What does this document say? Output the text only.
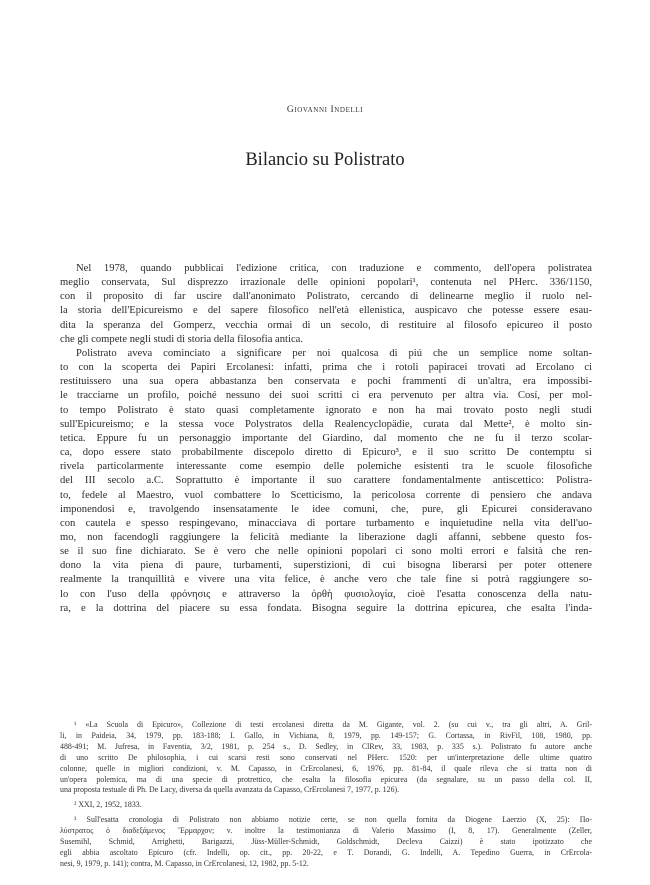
Giovanni Indelli
Bilancio su Polistrato

Nel 1978, quando pubblicai l'edizione critica, con traduzione e commento, dell'opera polistratea
meglio conservata, Sul disprezzo irrazionale delle opinioni popolari¹, contenuta nel PHerc. 336/1150,
con il proposito di far uscire dall'anonimato Polistrato, cercando di delinearne meglio il ruolo nel-
la storia dell'Epicureismo e del sapere filosofico nell'età ellenistica, auspicavo che potesse essere esau-
dita la speranza del Gomperz, vecchia ormai di un secolo, di restituire al filosofo epicureo il posto
che gli compete negli studi di storia della filosofia antica.

Polistrato aveva cominciato a significare per noi qualcosa di piú che un semplice nome soltan-
to con la scoperta dei Papiri Ercolanesi: infatti, prima che i rotoli papiracei trovati ad Ercolano ci
restituissero una sua opera abbastanza ben conservata e pochi frammenti di un'altra, era impossibi-
le tracciarne un profilo, poiché nessuno dei suoi scritti ci era pervenuto per altra via. Cosí, per mol-
to tempo Polistrato è stato quasi completamente ignorato e non ha mai trovato posto negli studi
sull'Epicureismo; e la stessa voce Polystratos della Realencyclopädie, curata dal Mette², è molto sin-
tetica. Eppure fu un personaggio importante del Giardino, dal momento che ne fu il terzo scolar-
ca, dopo essere stato probabilmente discepolo diretto di Epicuro³, e il suo scritto De contemptu si
rivela particolarmente interessante come esempio delle polemiche esistenti tra le scuole filosofiche
del III secolo a.C. Soprattutto è importante il suo carattere fondamentalmente antiscettico: Polistra-
to, fedele al Maestro, vuol combattere lo Scetticismo, la pericolosa corrente di pensiero che andava
imponendosi e, travolgendo insensatamente le idee comuni, che, pure, gli Epicurei consideravano
con cautela e spesso respingevano, minacciava di portare turbamento e inquietudine nella vita dell'uo-
mo, non facendogli raggiungere la felicità mediante la liberazione dagli affanni, sebbene questo fos-
se il suo fine dichiarato. Se è vero che nelle opinioni popolari ci sono molti errori e falsità che ren-
dono la vita piena di paure, turbamenti, superstizioni, di cui bisogna liberarsi per poter ottenere
realmente la tranquillità e vivere una vita felice, è anche vero che tale fine si potrà raggiungere so-
lo con l'uso della φρόνησις e attraverso la ὀρθὴ φυσιολογία, cioè l'esatta conoscenza della natu-
ra, e la dottrina del piacere su essa fondata. Bisogna seguire la dottrina epicurea, che esalta l'inda-

¹ «La Scuola di Epicuro», Collezione di testi ercolanesi diretta da M. Gigante, vol. 2. (su cui v., tra gli altri, A. Gril-
li, in Paideia, 34, 1979, pp. 183-188; I. Gallo, in Vichiana, 8, 1979, pp. 149-157; G. Cortassa, in RivFil, 108, 1980, pp.
488-491; M. Jufresa, in Faventia, 3/2, 1981, p. 254 s., D. Sedley, in ClRev, 33, 1983, p. 335 s.). Polistrato fu autore anche
di uno scritto De philosophia, i cui scarsi resti sono conservati nel PHerc. 1520: per un'interpretazione delle ultime quattro
colonne, quelle in migliori condizioni, v. M. Capasso, in CrErcolanesi, 6, 1976, pp. 81-84, il quale rileva che si tratta non di
un'opera polemica, ma di una specie di protrettico, che esalta la filosofia epicurea (da segnalare, su un passo della col. II,
una proposta testuale di Ph. De Lacy, diversa da quella avanzata da Capasso, CrErcolanesi 7, 1977, p. 126).
² XXI, 2, 1952, 1833.
³ Sull'esatta cronologia di Polistrato non abbiamo notizie certe, se non quella fornita da Diogene Laerzio (X, 25): Πο-
λύστρατος ὁ διαδεξάμενος Ἕρμαρχον; v. inoltre la testimonianza di Valerio Massimo (I, 8, 17). Generalmente (Zeller,
Susemihl, Schmid, Arrighetti, Barigazzi, Jüss-Müller-Schmidt, Goldschmidt, Decleva Caizzi) è stato ipotizzato che
egli abbia ascoltato Epicuro (cfr. Indelli, op. cit., pp. 20-22, e T. Dorandi, G. Indelli, A. Tepedino Guerra, in CrErcola-
nesi, 9, 1979, p. 141); contra, M. Capasso, in CrErcolanesi, 12, 1982, pp. 5-12.
